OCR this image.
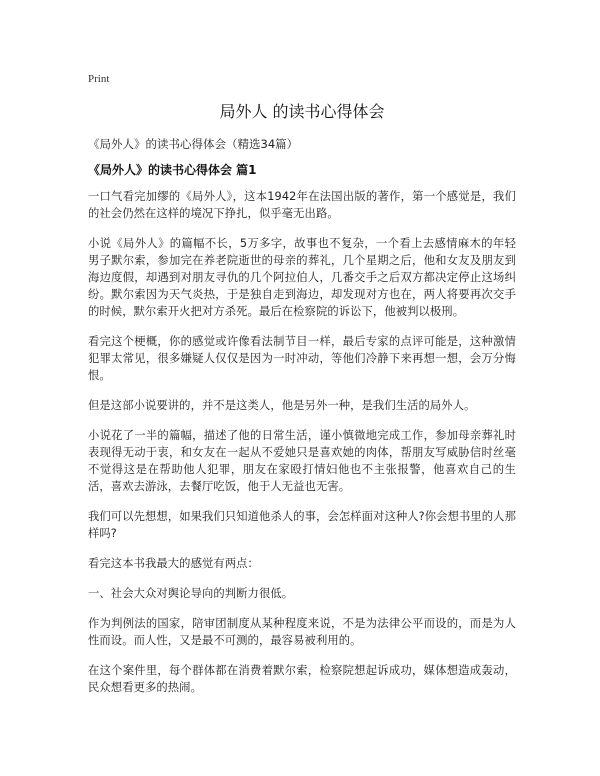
Print
局外人 的读书心得体会
《局外人》的读书心得体会（精选34篇）
《局外人》的读书心得体会 篇1

一口气看完加缪的《局外人》，这本1942年在法国出版的著作，第一个感觉是，我们的社会仍然在这样的境况下挣扎，似乎毫无出路。

小说《局外人》的篇幅不长，5万多字，故事也不复杂，一个看上去感情麻木的年轻男子默尔索，参加完在养老院逝世的母亲的葬礼，几个星期之后，他和女友及朋友到海边度假，却遇到对朋友寻仇的几个阿拉伯人，几番交手之后双方都决定停止这场纠纷。默尔索因为天气炎热，于是独自走到海边，却发现对方也在，两人将要再次交手的时候，默尔索开火把对方杀死。最后在检察院的诉讼下，他被判以极刑。

看完这个梗概，你的感觉或许像看法制节目一样，最后专家的点评可能是，这种激情犯罪太常见，很多嫌疑人仅仅是因为一时冲动，等他们冷静下来再想一想，会万分悔恨。

但是这部小说要讲的，并不是这类人，他是另外一种，是我们生活的局外人。

小说花了一半的篇幅，描述了他的日常生活，谨小慎微地完成工作，参加母亲葬礼时表现得无动于衷，和女友在一起从不爱她只是喜欢她的肉体，帮朋友写威胁信时丝毫不觉得这是在帮助他人犯罪，朋友在家殴打情妇他也不主张报警，他喜欢自己的生活，喜欢去游泳，去餐厅吃饭，他于人无益也无害。

我们可以先想想，如果我们只知道他杀人的事，会怎样面对这种人?你会想书里的人那样吗?

看完这本书我最大的感觉有两点：

一、社会大众对舆论导向的判断力很低。

作为判例法的国家，陪审团制度从某种程度来说，不是为法律公平而设的，而是为人性而设。而人性，又是最不可测的，最容易被利用的。

在这个案件里，每个群体都在消费着默尔索，检察院想起诉成功，媒体想造成轰动，民众想看更多的热闹。
